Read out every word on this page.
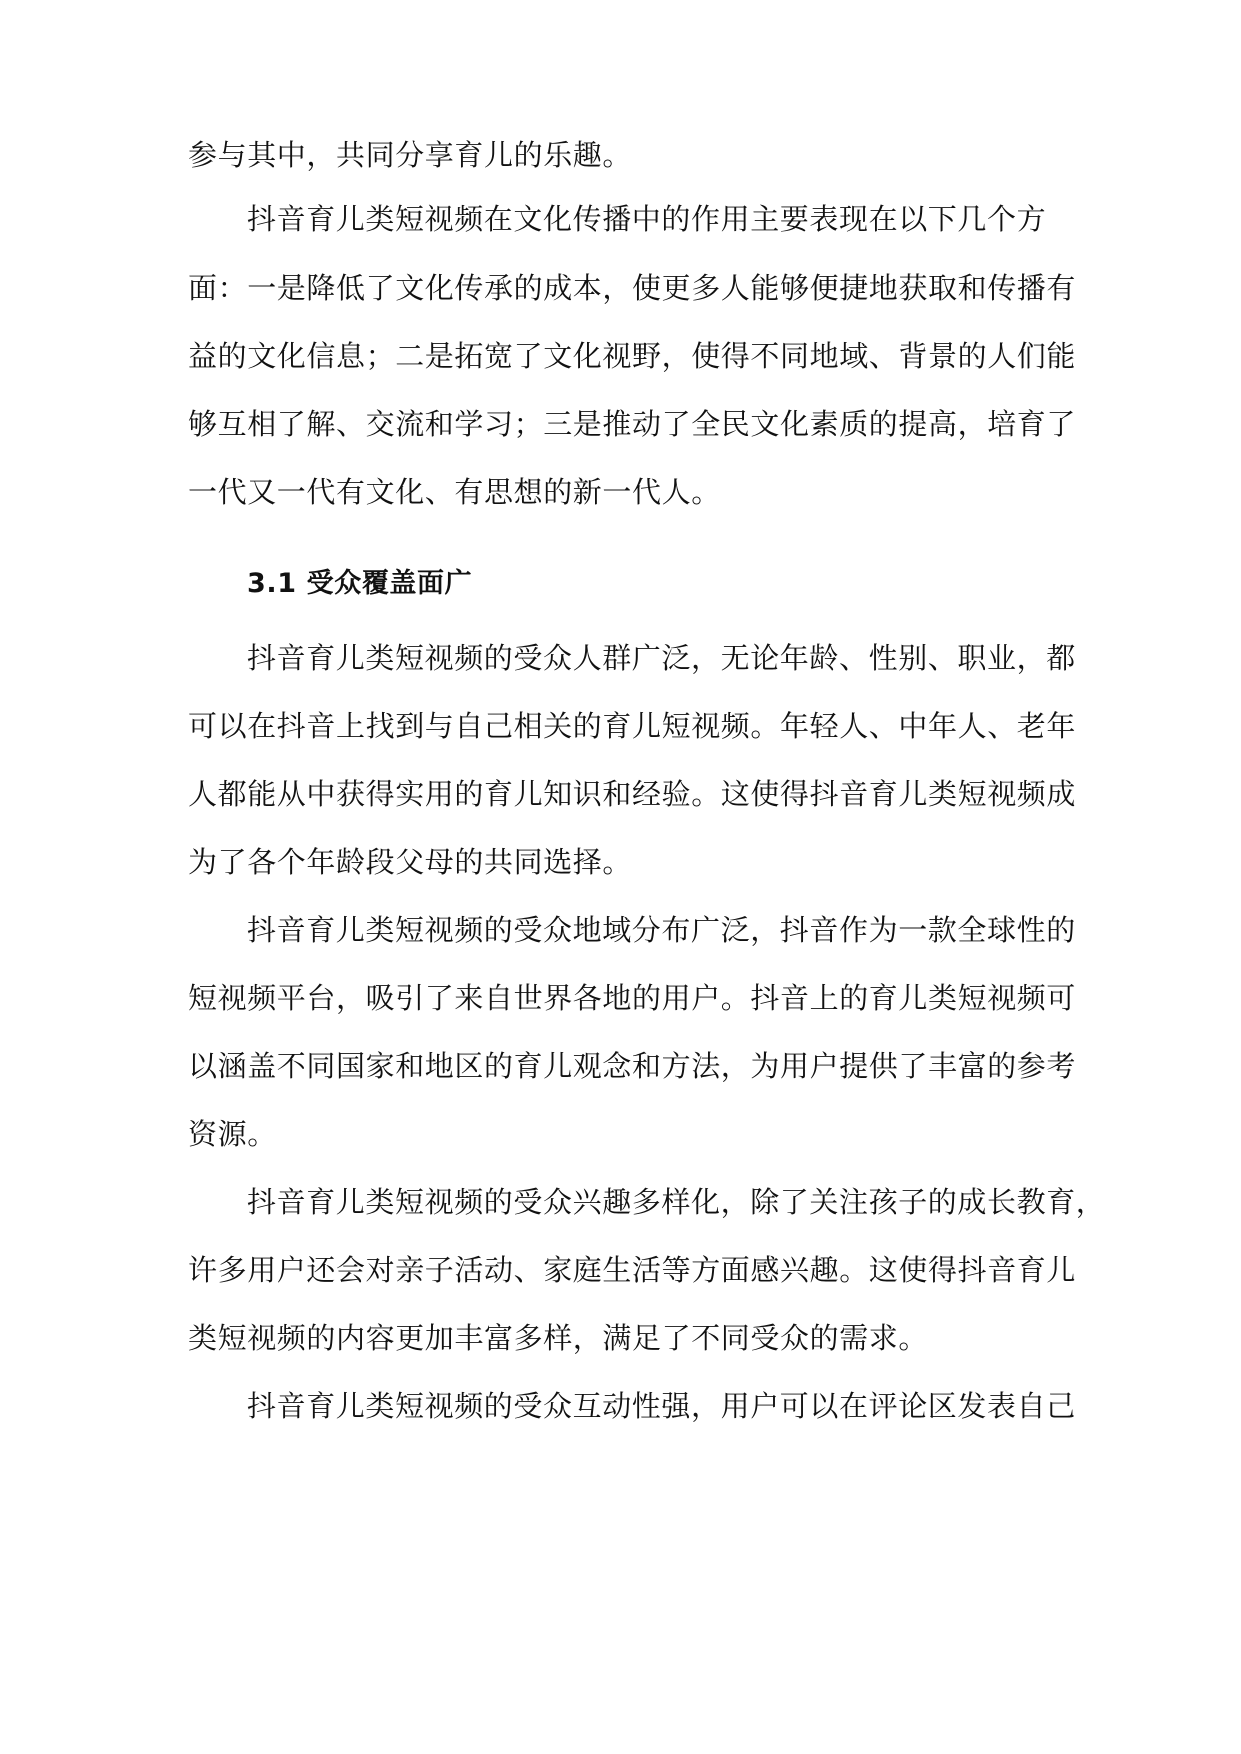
参与其中，共同分享育儿的乐趣。
抖音育儿类短视频在文化传播中的作用主要表现在以下几个方
面：一是降低了文化传承的成本，使更多人能够便捷地获取和传播有
益的文化信息；二是拓宽了文化视野，使得不同地域、背景的人们能
够互相了解、交流和学习；三是推动了全民文化素质的提高，培育了
一代又一代有文化、有思想的新一代人。
3.1 受众覆盖面广
抖音育儿类短视频的受众人群广泛，无论年龄、性别、职业，都
可以在抖音上找到与自己相关的育儿短视频。年轻人、中年人、老年
人都能从中获得实用的育儿知识和经验。这使得抖音育儿类短视频成
为了各个年龄段父母的共同选择。
抖音育儿类短视频的受众地域分布广泛，抖音作为一款全球性的
短视频平台，吸引了来自世界各地的用户。抖音上的育儿类短视频可
以涵盖不同国家和地区的育儿观念和方法，为用户提供了丰富的参考
资源。
抖音育儿类短视频的受众兴趣多样化，除了关注孩子的成长教育，
许多用户还会对亲子活动、家庭生活等方面感兴趣。这使得抖音育儿
类短视频的内容更加丰富多样，满足了不同受众的需求。
抖音育儿类短视频的受众互动性强，用户可以在评论区发表自己
